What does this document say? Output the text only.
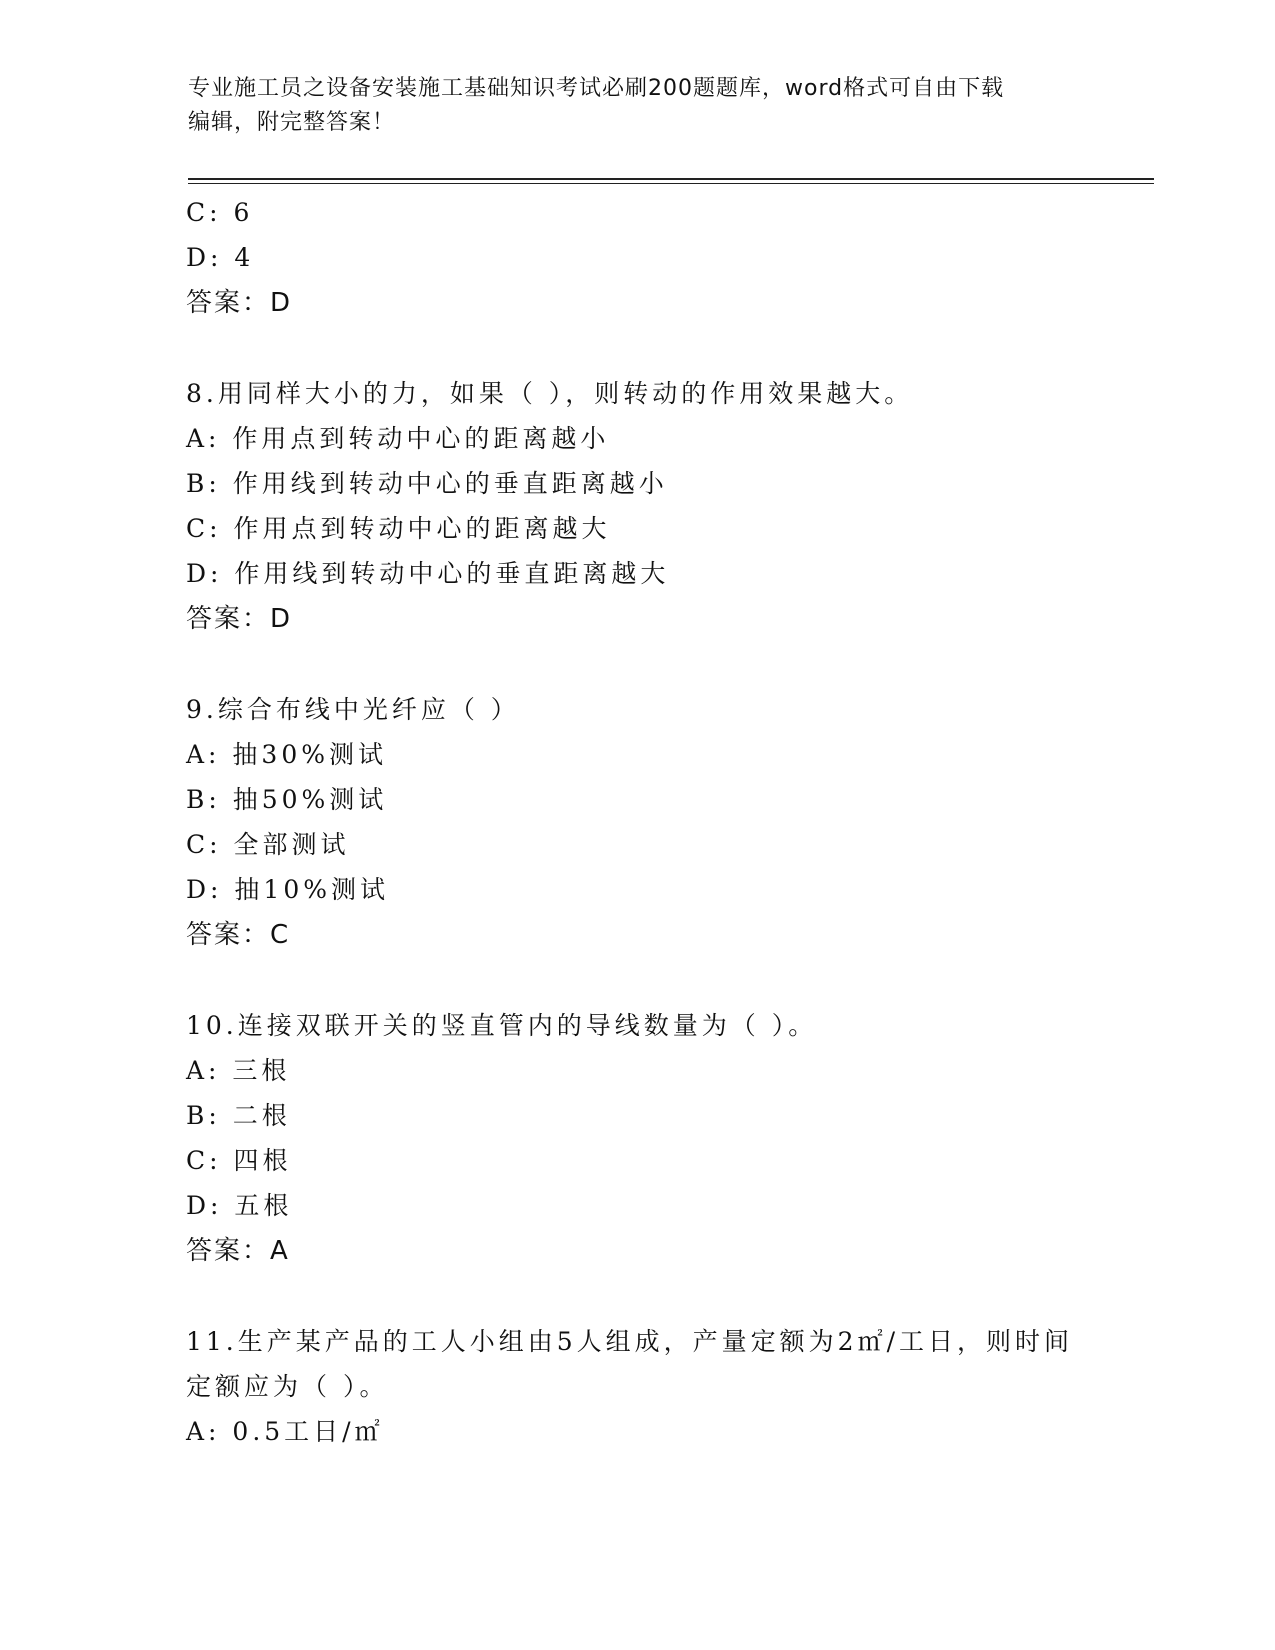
专业施工员之设备安装施工基础知识考试必刷200题题库，word格式可自由下载
编辑，附完整答案！
C: 6
D: 4
答案：D
8.用同样大小的力，如果（ ），则转动的作用效果越大。
A: 作用点到转动中心的距离越小
B: 作用线到转动中心的垂直距离越小
C: 作用点到转动中心的距离越大
D: 作用线到转动中心的垂直距离越大
答案：D
9.综合布线中光纤应（ ）
A: 抽30%测试
B: 抽50%测试
C: 全部测试
D: 抽10%测试
答案：C
10.连接双联开关的竖直管内的导线数量为（ ）。
A: 三根
B: 二根
C: 四根
D: 五根
答案：A
11.生产某产品的工人小组由5人组成，产量定额为2㎡/工日，则时间
定额应为（ ）。
A: 0.5工日/㎡
